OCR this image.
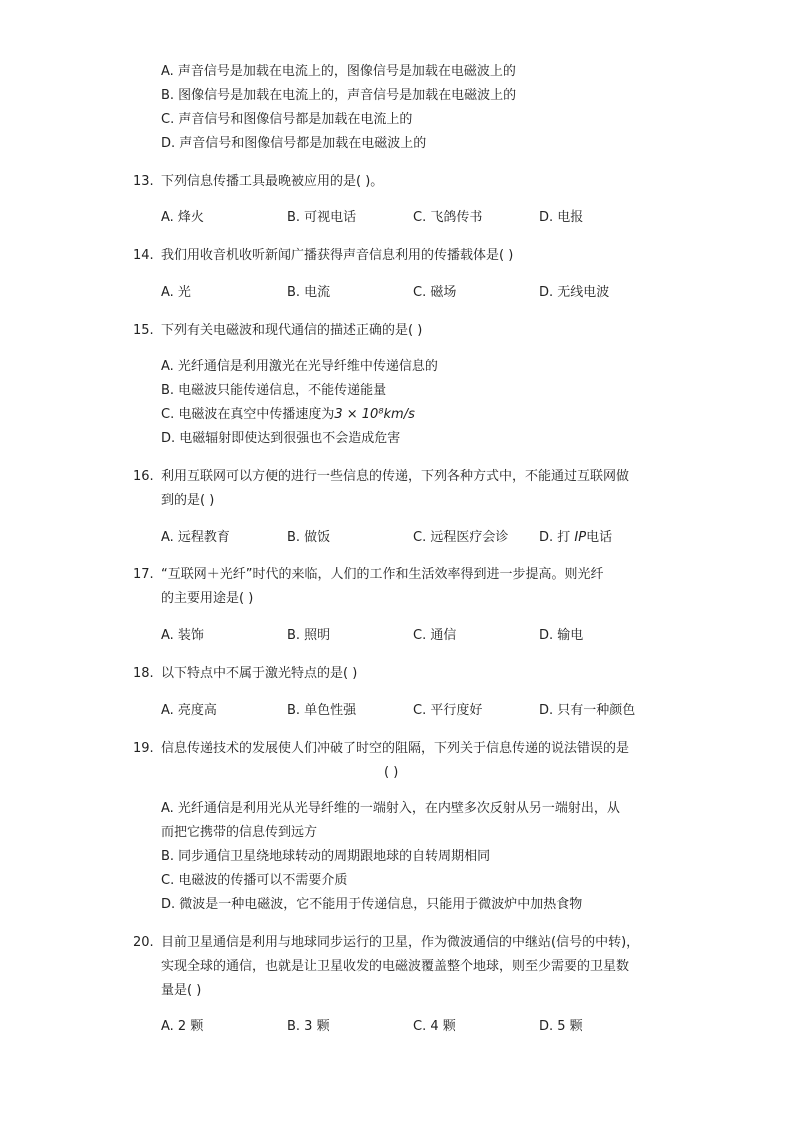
A. 声音信号是加载在电流上的，图像信号是加载在电磁波上的
B. 图像信号是加载在电流上的，声音信号是加载在电磁波上的
C. 声音信号和图像信号都是加载在电流上的
D. 声音信号和图像信号都是加载在电磁波上的
13. 下列信息传播工具最晚被应用的是( )。
A. 烽火	B. 可视电话	C. 飞鸽传书	D. 电报
14. 我们用收音机收听新闻广播获得声音信息利用的传播载体是( )
A. 光	B. 电流	C. 磁场	D. 无线电波
15. 下列有关电磁波和现代通信的描述正确的是( )
A. 光纤通信是利用激光在光导纤维中传递信息的
B. 电磁波只能传递信息，不能传递能量
C. 电磁波在真空中传播速度为3 × 10⁸km/s
D. 电磁辐射即使达到很强也不会造成危害
16. 利用互联网可以方便的进行一些信息的传递，下列各种方式中，不能通过互联网做
到的是( )
A. 远程教育	B. 做饭	C. 远程医疗会诊 D. 打 IP电话
17. “互联网＋光纤”时代的来临，人们的工作和生活效率得到进一步提高。则光纤
的主要用途是( )
A. 装饰	B. 照明	C. 通信	D. 输电
18. 以下特点中不属于激光特点的是( )
A. 亮度高	B. 单色性强	C. 平行度好	D. 只有一种颜色
19. 信息传递技术的发展使人们冲破了时空的阻隔，下列关于信息传递的说法错误的是
( )
A. 光纤通信是利用光从光导纤维的一端射入，在内壁多次反射从另一端射出，从
而把它携带的信息传到远方
B. 同步通信卫星绕地球转动的周期跟地球的自转周期相同
C. 电磁波的传播可以不需要介质
D. 微波是一种电磁波，它不能用于传递信息，只能用于微波炉中加热食物
20. 目前卫星通信是利用与地球同步运行的卫星，作为微波通信的中继站(信号的中转)，
实现全球的通信，也就是让卫星收发的电磁波覆盖整个地球，则至少需要的卫星数
量是( )
A. 2 颗	B. 3 颗	C. 4 颗	D. 5 颗
